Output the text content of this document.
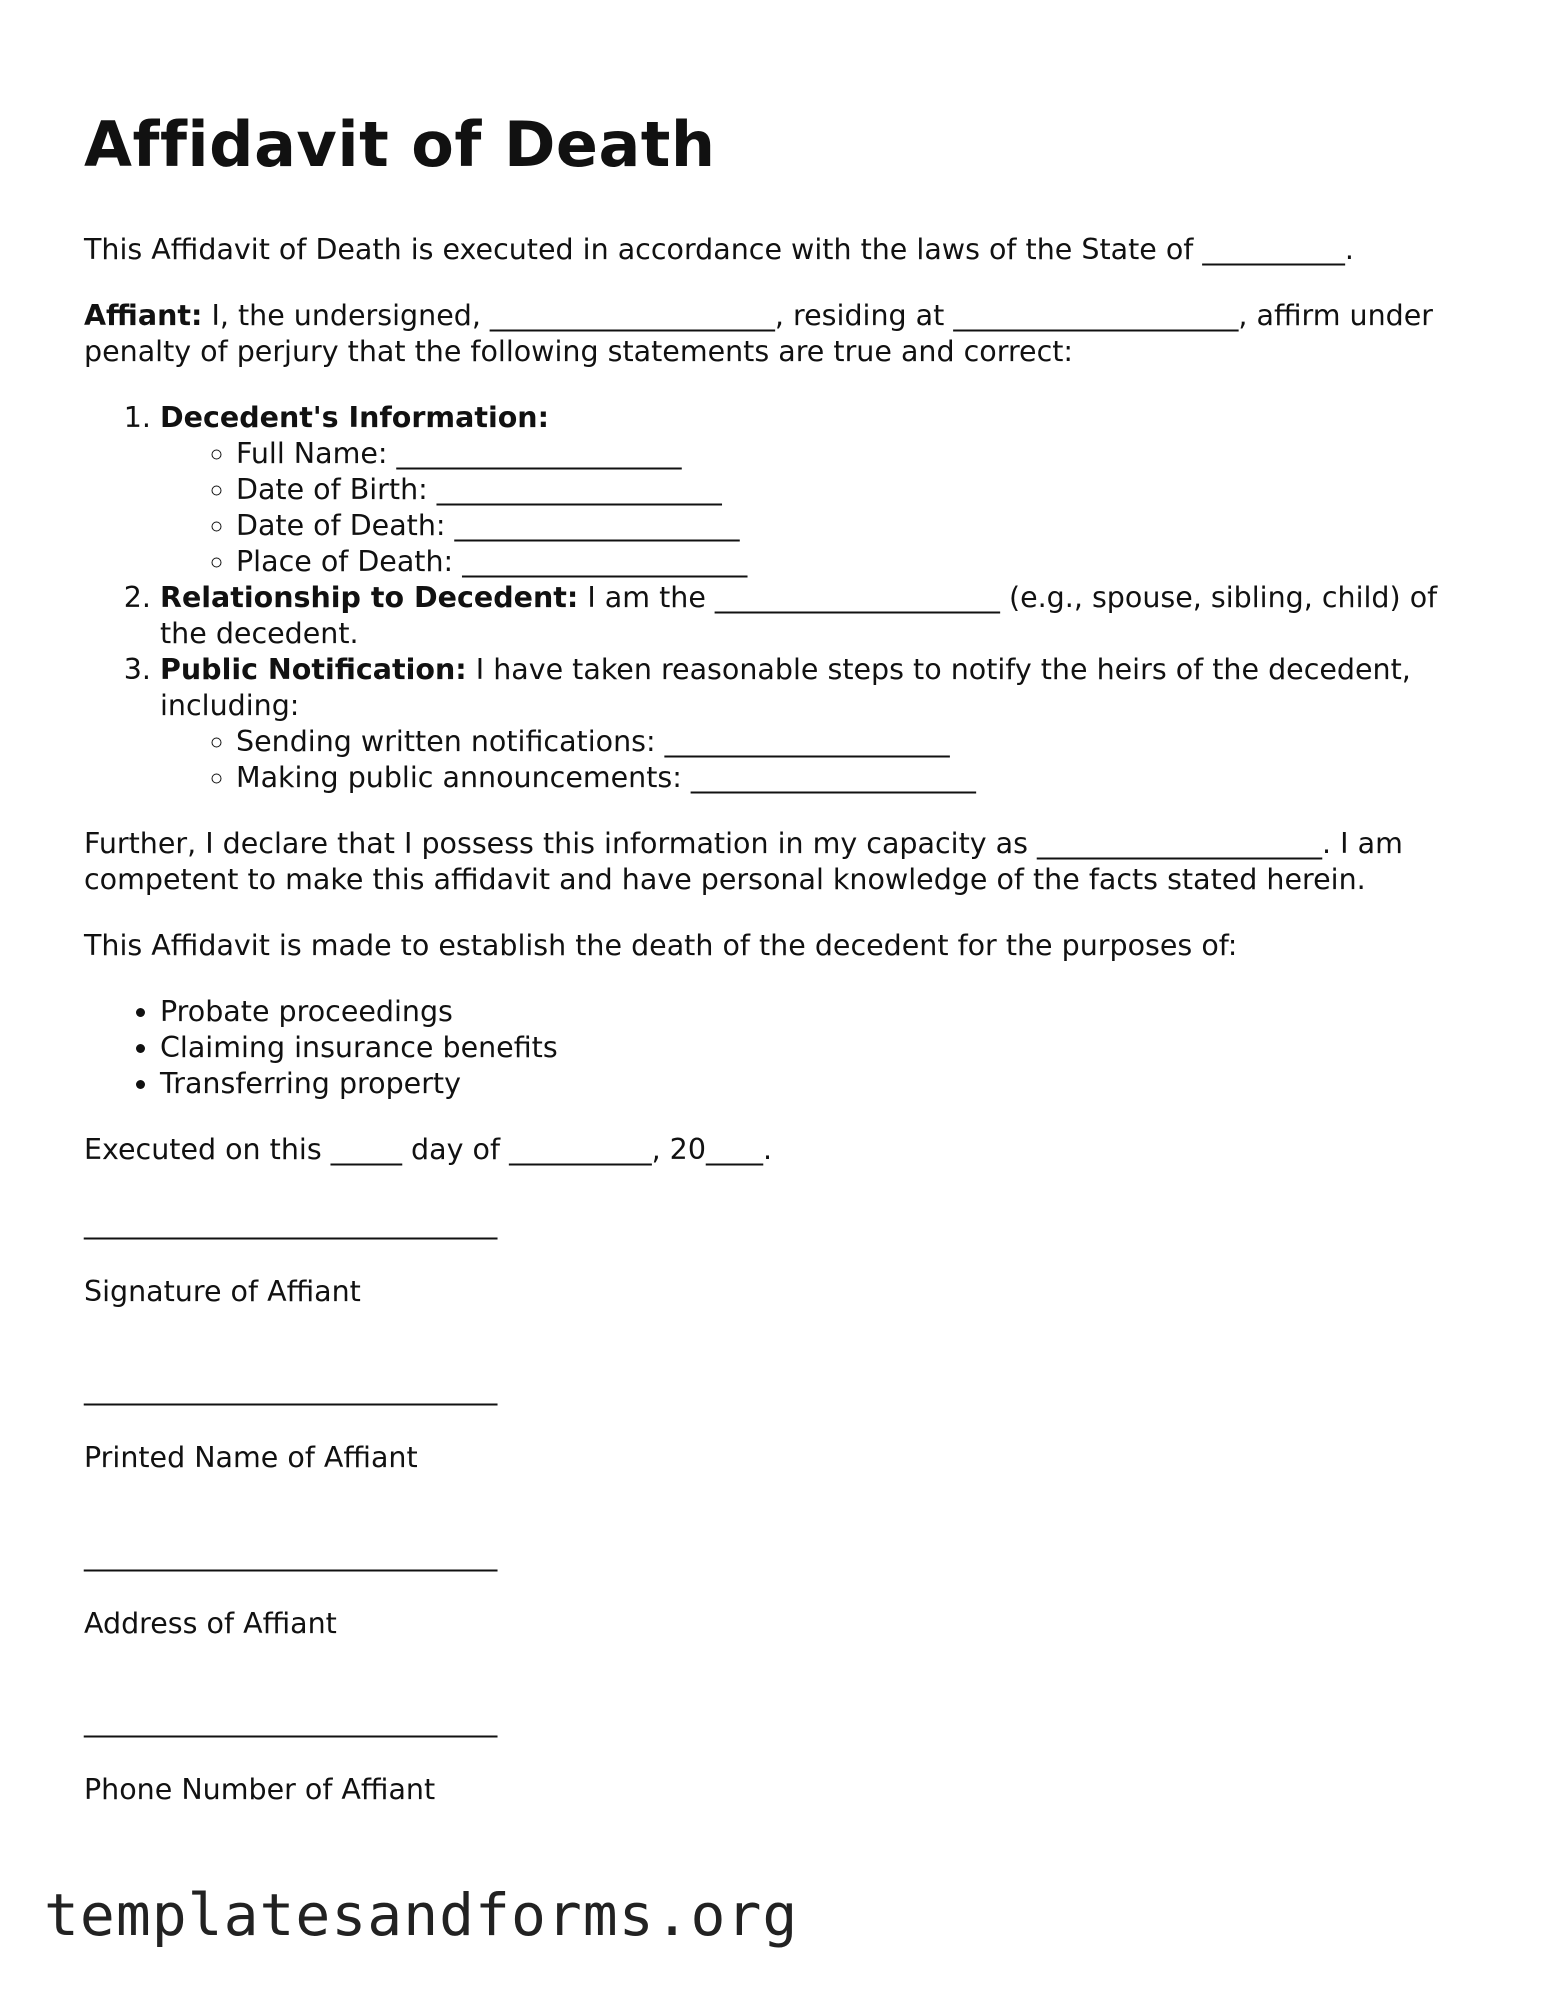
Affidavit of Death

This Affidavit of Death is executed in accordance with the laws of the State of __________.

Affiant: I, the undersigned, ____________________, residing at ____________________, affirm under penalty of perjury that the following statements are true and correct:

1. Decedent's Information:
◦ Full Name: ____________________
◦ Date of Birth: ____________________
◦ Date of Death: ____________________
◦ Place of Death: ____________________
2. Relationship to Decedent: I am the ____________________ (e.g., spouse, sibling, child) of the decedent.
3. Public Notification: I have taken reasonable steps to notify the heirs of the decedent, including:
◦ Sending written notifications: ____________________
◦ Making public announcements: ____________________

Further, I declare that I possess this information in my capacity as ____________________. I am competent to make this affidavit and have personal knowledge of the facts stated herein.

This Affidavit is made to establish the death of the decedent for the purposes of:

• Probate proceedings
• Claiming insurance benefits
• Transferring property

Executed on this _____ day of __________, 20____.

_____________________________
Signature of Affiant
_____________________________
Printed Name of Affiant
_____________________________
Address of Affiant
_____________________________
Phone Number of Affiant
templatesandforms.org
